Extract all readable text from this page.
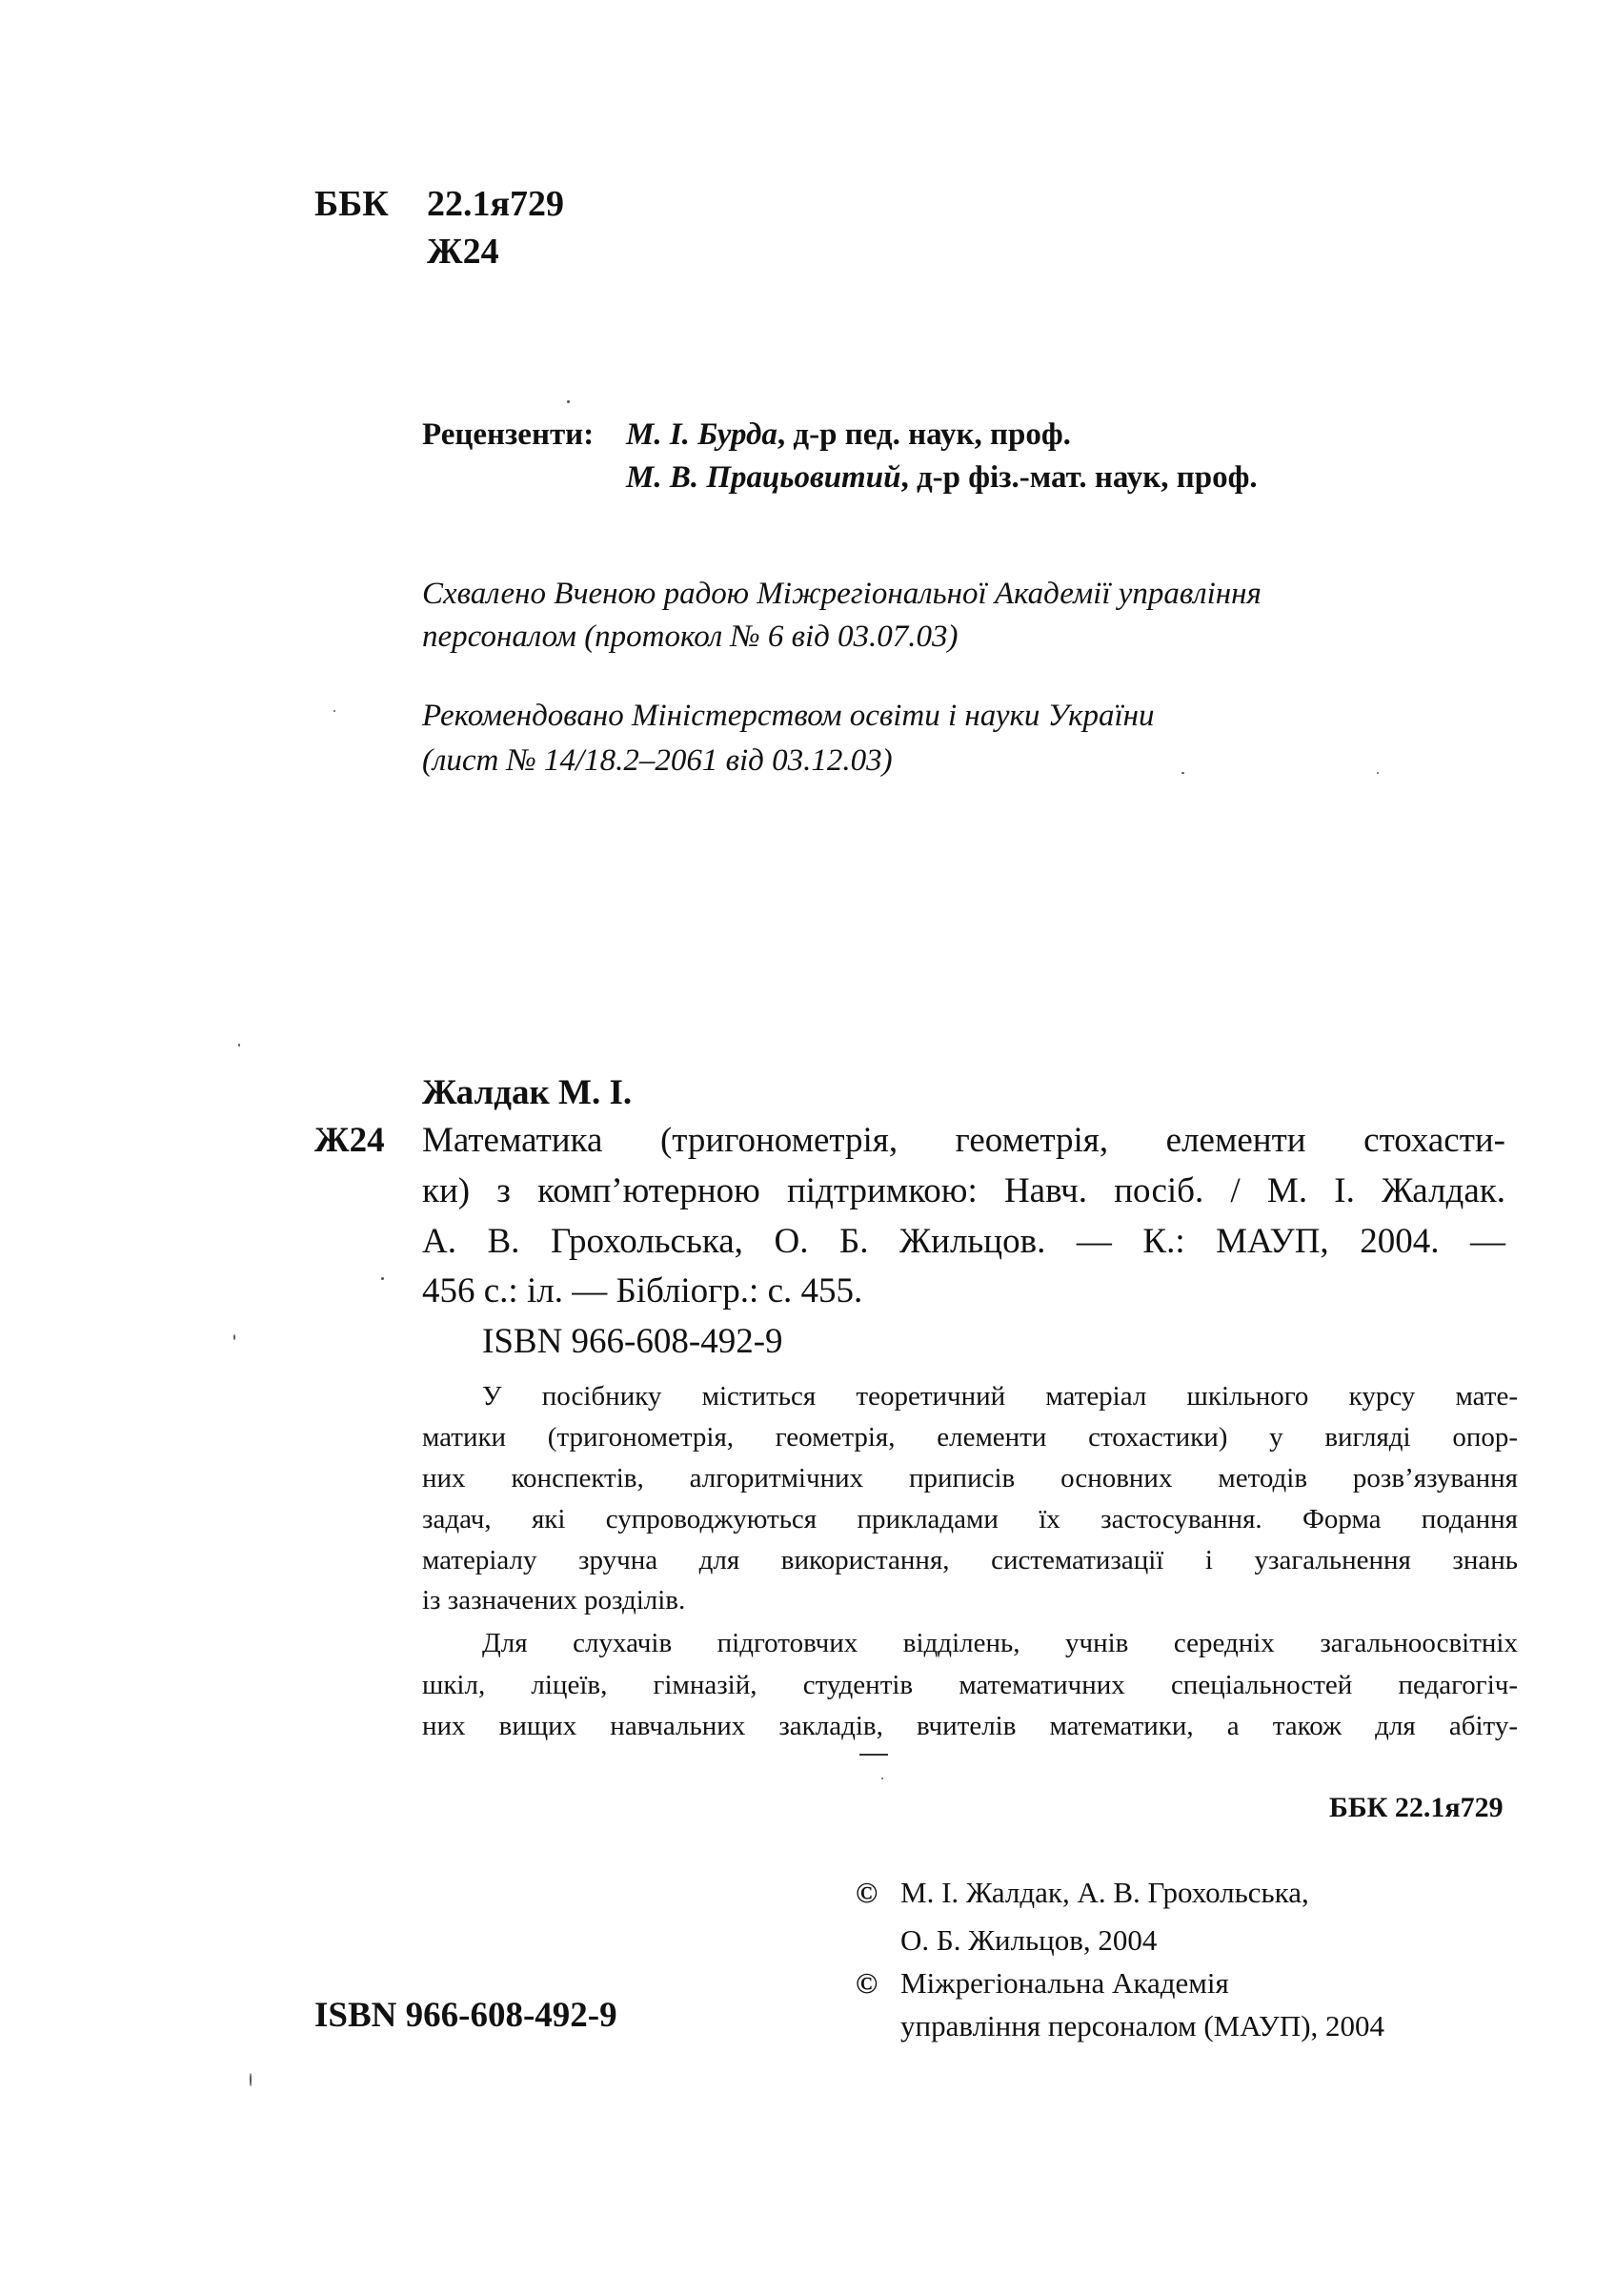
ББК 22.1я729
Ж24
Рецензенти: М. І. Бурда, д-р пед. наук, проф.
М. В. Працьовитий, д-р фіз.-мат. наук, проф.
Схвалено Вченою радою Міжрегіональної Академії управління
персоналом (протокол № 6 від 03.07.03)
Рекомендовано Міністерством освіти і науки України
(лист № 14/18.2–2061 від 03.12.03)
Жалдак М. І.
Ж24 Математика (тригонометрія, геометрія, елементи стохасти-
ки) з комп’ютерною підтримкою: Навч. посіб. / М. І. Жалдак.
А. В. Грохольська, О. Б. Жильцов. — К.: МАУП, 2004. —
456 с.: іл. — Бібліогр.: с. 455.
ISBN 966-608-492-9
У посібнику міститься теоретичний матеріал шкільного курсу мате-
матики (тригонометрія, геометрія, елементи стохастики) у вигляді опор-
них конспектів, алгоритмічних приписів основних методів розв’язування
задач, які супроводжуються прикладами їх застосування. Форма подання
матеріалу зручна для використання, систематизації і узагальнення знань
із зазначених розділів.
Для слухачів підготовчих відділень, учнів середніх загальноосвітніх
шкіл, ліцеїв, гімназій, студентів математичних спеціальностей педагогіч-
них вищих навчальних закладів, вчителів математики, а також для абіту-
ББК 22.1я729
© М. І. Жалдак, А. В. Грохольська,
О. Б. Жильцов, 2004
© Міжрегіональна Академія
управління персоналом (МАУП), 2004
ISBN 966-608-492-9
